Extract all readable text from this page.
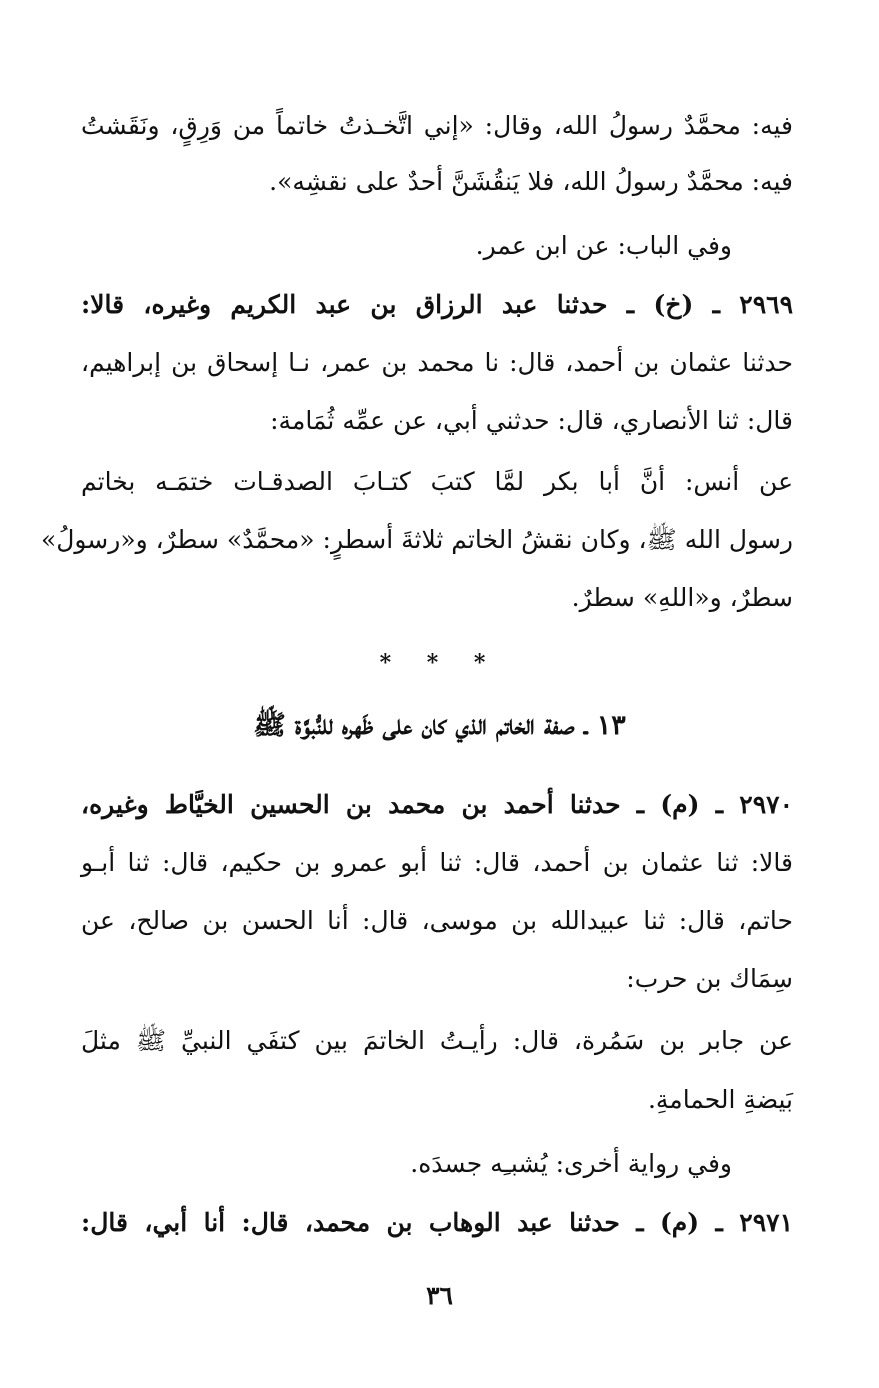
فيه: محمَّدٌ رسولُ الله، وقال: «إني اتَّخـذتُ خاتماً من وَرِقٍ، ونَقَشتُ
فيه: محمَّدٌ رسولُ الله، فلا يَنقُشَنَّ أحدٌ على نقشِه».
وفي الباب: عن ابن عمر.
٢٩٦٩ ـ (خ) ـ حدثنا عبد الرزاق بن عبد الكريم وغيره، قالا:
حدثنا عثمان بن أحمد، قال: نا محمد بن عمر، نـا إسحاق بن إبراهيم،
قال: ثنا الأنصاري، قال: حدثني أبي، عن عمِّه ثُمَامة:
عن أنس: أنَّ أبا بكر لمَّا كتبَ كتـابَ الصدقـات ختمَـه بخاتم
رسول الله ﷺ، وكان نقشُ الخاتم ثلاثةَ أسطرٍ: «محمَّدٌ» سطرٌ، و«رسولُ»
سطرٌ، و«اللهِ» سطرٌ.
* * *
١٣ ـ صفة الخاتم الذي كان على ظَهره للنُّبوَّة ﷺ
٢٩٧٠ ـ (م) ـ حدثنا أحمد بن محمد بن الحسين الخيَّاط وغيره،
قالا: ثنا عثمان بن أحمد، قال: ثنا أبو عمرو بن حكيم، قال: ثنا أبـو
حاتم، قال: ثنا عبيدالله بن موسى، قال: أنا الحسن بن صالح، عن
سِمَاك بن حرب:
عن جابر بن سَمُرة، قال: رأيـتُ الخاتمَ بين كتفَي النبيِّ ﷺ مثلَ
بَيضةِ الحمامةِ.
وفي رواية أخرى: يُشبـِه جسدَه.
٢٩٧١ ـ (م) ـ حدثنا عبد الوهاب بن محمد، قال: أنا أبي، قال:
٣٦
